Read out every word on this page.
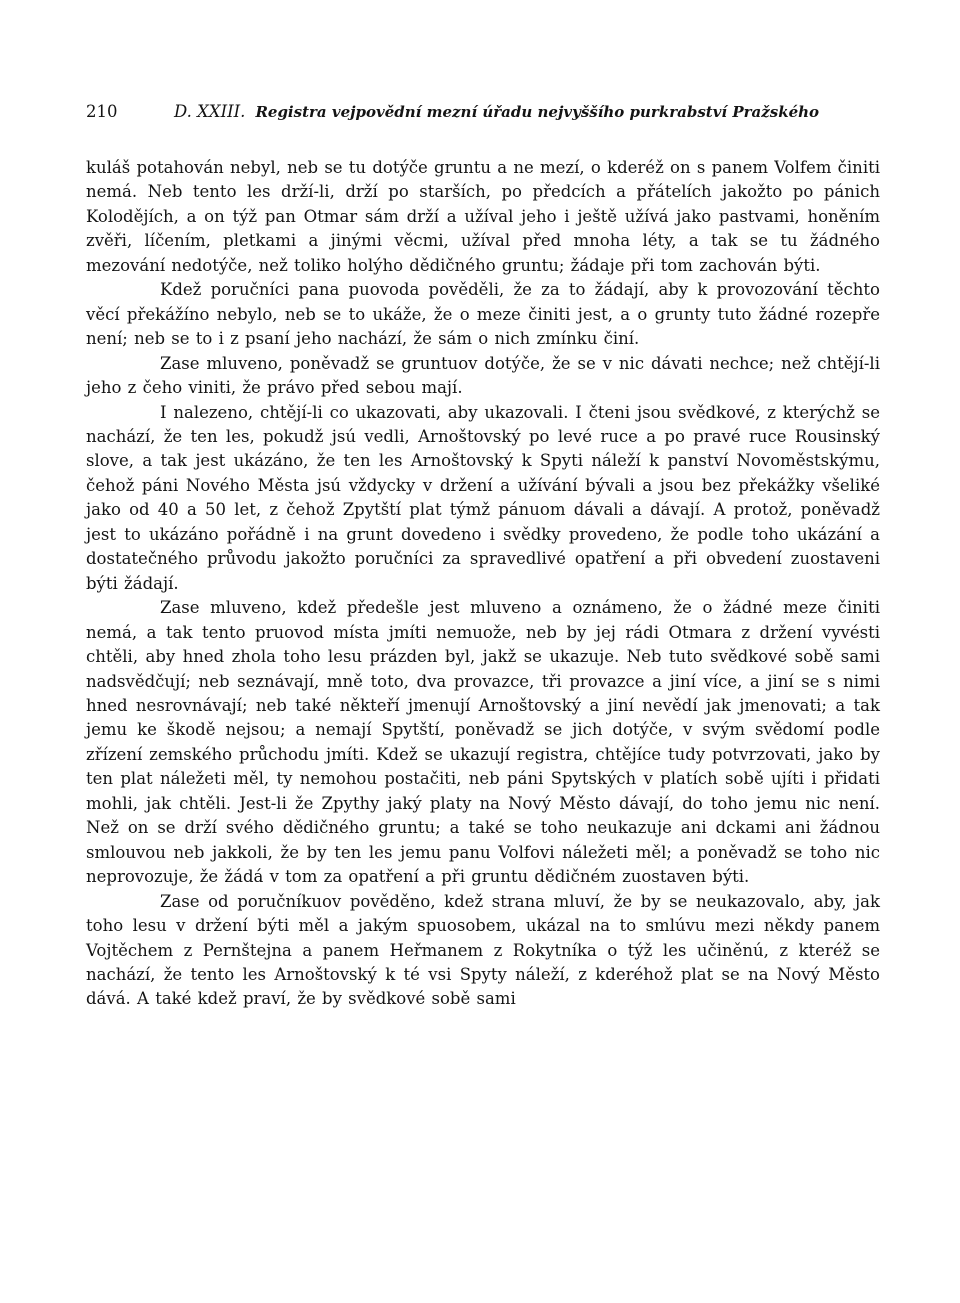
210	D. XXIII. Registra vejpovědní mezní úřadu nejvyššího purkrabství Pražského

kuláš potahován nebyl, neb se tu dotýče gruntu a ne mezí, o kderéž on s panem Volfem činiti nemá. Neb tento les drží-li, drží po starších, po předcích a přátelích jakožto po pánich Kolodějích, a on týž pan Otmar sám drží a užíval jeho i ještě užívá jako pastvami, honěním zvěři, líčením, pletkami a jinými věcmi, užíval před mnoha léty, a tak se tu žádného mezování nedotýče, než toliko holýho dědičného gruntu; žádaje při tom zachován býti.

Kdež poručníci pana puovoda pověděli, že za to žádají, aby k provozování těchto věcí překážíno nebylo, neb se to ukáže, že o meze činiti jest, a o grunty tuto žádné rozepře není; neb se to i z psaní jeho nachází, že sám o nich zmínku činí.

Zase mluveno, poněvadž se gruntuov dotýče, že se v nic dávati nechce; než chtějí-li jeho z čeho viniti, že právo před sebou mají.

I nalezeno, chtějí-li co ukazovati, aby ukazovali. I čteni jsou svědkové, z kterýchž se nachází, že ten les, pokudž jsú vedli, Arnoštovský po levé ruce a po pravé ruce Rousinský slove, a tak jest ukázáno, že ten les Arnoštovský k Spyti náleží k panství Novoměstskýmu, čehož páni Nového Města jsú vždycky v držení a užívání bývali a jsou bez překážky všeliké jako od 40 a 50 let, z čehož Zpytští plat týmž pánuom dávali a dávají. A protož, poněvadž jest to ukázáno pořádně i na grunt dovedeno i svědky provedeno, že podle toho ukázání a dostatečného průvodu jakožto poručníci za spravedlivé opatření a při obvedení zuostaveni býti žádají.

Zase mluveno, kdež předešle jest mluveno a oznámeno, že o žádné meze činiti nemá, a tak tento pruovod místa jmíti nemuože, neb by jej rádi Otmara z držení vyvésti chtěli, aby hned zhola toho lesu prázden byl, jakž se ukazuje. Neb tuto svědkové sobě sami nadsvědčují; neb seznávají, mně toto, dva provazce, tři provazce a jiní více, a jiní se s nimi hned nesrovnávají; neb také někteří jmenují Arnoštovský a jiní nevědí jak jmenovati; a tak jemu ke škodě nejsou; a nemají Spytští, poněvadž se jich dotýče, v svým svědomí podle zřízení zemského průchodu jmíti. Kdež se ukazují registra, chtějíce tudy potvrzovati, jako by ten plat náležeti měl, ty nemohou postačiti, neb páni Spytských v platích sobě ujíti i přidati mohli, jak chtěli. Jest-li že Zpythy jaký platy na Nový Město dávají, do toho jemu nic není. Než on se drží svého dědičného gruntu; a také se toho neukazuje ani dckami ani žádnou smlouvou neb jakkoli, že by ten les jemu panu Volfovi náležeti měl; a poněvadž se toho nic neprovozuje, že žádá v tom za opatření a při gruntu dědičném zuostaven býti.

Zase od poručníkuov pověděno, kdež strana mluví, že by se neukazovalo, aby, jak toho lesu v držení býti měl a jakým spuosobem, ukázal na to smlúvu mezi někdy panem Vojtěchem z Pernštejna a panem Heřmanem z Rokytníka o týž les učiněnú, z kteréž se nachází, že tento les Arnoštovský k té vsi Spyty náleží, z kderéhož plat se na Nový Město dává. A také kdež praví, že by svědkové sobě sami
